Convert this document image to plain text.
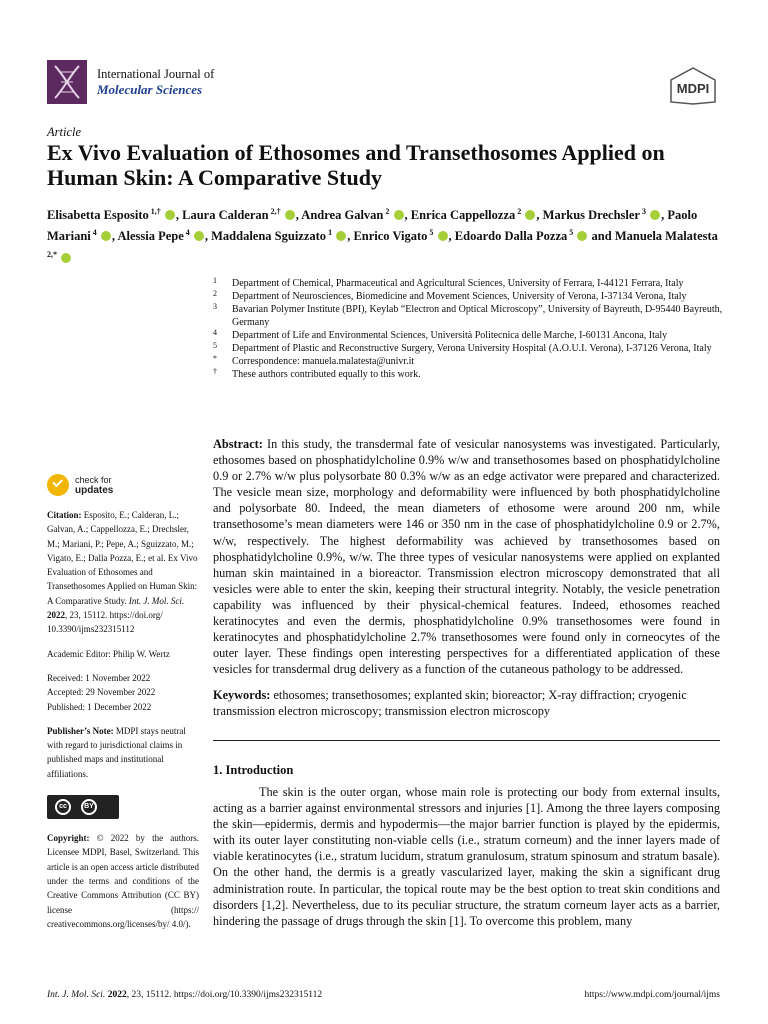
International Journal of
Molecular Sciences	MDPI
Article
Ex Vivo Evaluation of Ethosomes and Transethosomes Applied on Human Skin: A Comparative Study
Elisabetta Esposito $^{1,\dagger}$ , Laura Calderan $^{2,\dagger}$ , Andrea Galvan $^2$ , Enrica Cappellozza $^2$ , Markus Drechsler $^3$ , Paolo Mariani $^4$ , Alessia Pepe $^4$ , Maddalena Sguizzato $^1$ , Enrico Vigato $^5$ , Edoardo Dalla Pozza $^5$ and Manuela Malatesta $^{2,*}$
1 Department of Chemical, Pharmaceutical and Agricultural Sciences, University of Ferrara, I-44121 Ferrara, Italy
2 Department of Neurosciences, Biomedicine and Movement Sciences, University of Verona, I-37134 Verona, Italy
3 Bavarian Polymer Institute (BPI), Keylab “Electron and Optical Microscopy”, University of Bayreuth, D-95440 Bayreuth, Germany
4 Department of Life and Environmental Sciences, Università Politecnica delle Marche, I-60131 Ancona, Italy
5 Department of Plastic and Reconstructive Surgery, Verona University Hospital (A.O.U.I. Verona), I-37126 Verona, Italy
* Correspondence: manuela.malatesta@univr.it
† These authors contributed equally to this work.
check for
updates
Citation: Esposito, E.; Calderan, L.; Galvan, A.; Cappellozza, E.; Drechsler, M.; Mariani, P.; Pepe, A.; Sguizzato, M.; Vigato, E.; Dalla Pozza, E.; et al. Ex Vivo Evaluation of Ethosomes and Transethosomes Applied on Human Skin: A Comparative Study. Int. J. Mol. Sci. 2022, 23, 15112. https://doi.org/ 10.3390/ijms232315112
Academic Editor: Philip W. Wertz
Received: 1 November 2022
Accepted: 29 November 2022
Published: 1 December 2022
Publisher’s Note: MDPI stays neutral with regard to jurisdictional claims in published maps and institutional affiliations.
cc	BY
Copyright: © 2022 by the authors. Licensee MDPI, Basel, Switzerland. This article is an open access article distributed under the terms and conditions of the Creative Commons Attribution (CC BY) license (https:// creativecommons.org/licenses/by/ 4.0/).
Abstract: In this study, the transdermal fate of vesicular nanosystems was investigated. Particularly, ethosomes based on phosphatidylcholine 0.9% w/w and transethosomes based on phosphatidylcholine 0.9 or 2.7% w/w plus polysorbate 80 0.3% w/w as an edge activator were prepared and characterized. The vesicle mean size, morphology and deformability were influenced by both phosphatidylcholine and polysorbate 80. Indeed, the mean diameters of ethosome were around 200 nm, while transethosome’s mean diameters were 146 or 350 nm in the case of phosphatidylcholine 0.9 or 2.7%, w/w, respectively. The highest deformability was achieved by transethosomes based on phosphatidylcholine 0.9%, w/w. The three types of vesicular nanosystems were applied on explanted human skin maintained in a bioreactor. Transmission electron microscopy demonstrated that all vesicles were able to enter the skin, keeping their structural integrity. Notably, the vesicle penetration capability was influenced by their physical-chemical features. Indeed, ethosomes reached keratinocytes and even the dermis, phosphatidylcholine 0.9% transethosomes were found in keratinocytes and phosphatidylcholine 2.7% transethosomes were found only in corneocytes of the outer layer. These findings open interesting perspectives for a differentiated application of these vesicles for transdermal drug delivery as a function of the cutaneous pathology to be addressed.
Keywords: ethosomes; transethosomes; explanted skin; bioreactor; X-ray diffraction; cryogenic transmission electron microscopy; transmission electron microscopy
1. Introduction
The skin is the outer organ, whose main role is protecting our body from external insults, acting as a barrier against environmental stressors and injuries [1]. Among the three layers composing the skin—epidermis, dermis and hypodermis—the major barrier function is played by the epidermis, with its outer layer constituting non-viable cells (i.e., stratum corneum) and the inner layers made of viable keratinocytes (i.e., stratum lucidum, stratum granulosum, stratum spinosum and stratum basale). On the other hand, the dermis is a greatly vascularized layer, making the skin a significant drug administration route. In particular, the topical route may be the best option to treat skin conditions and disorders [1,2]. Nevertheless, due to its peculiar structure, the stratum corneum layer acts as a barrier, hindering the passage of drugs through the skin [1]. To overcome this problem, many
Int. J. Mol. Sci. 2022, 23, 15112. https://doi.org/10.3390/ijms232315112	https://www.mdpi.com/journal/ijms
